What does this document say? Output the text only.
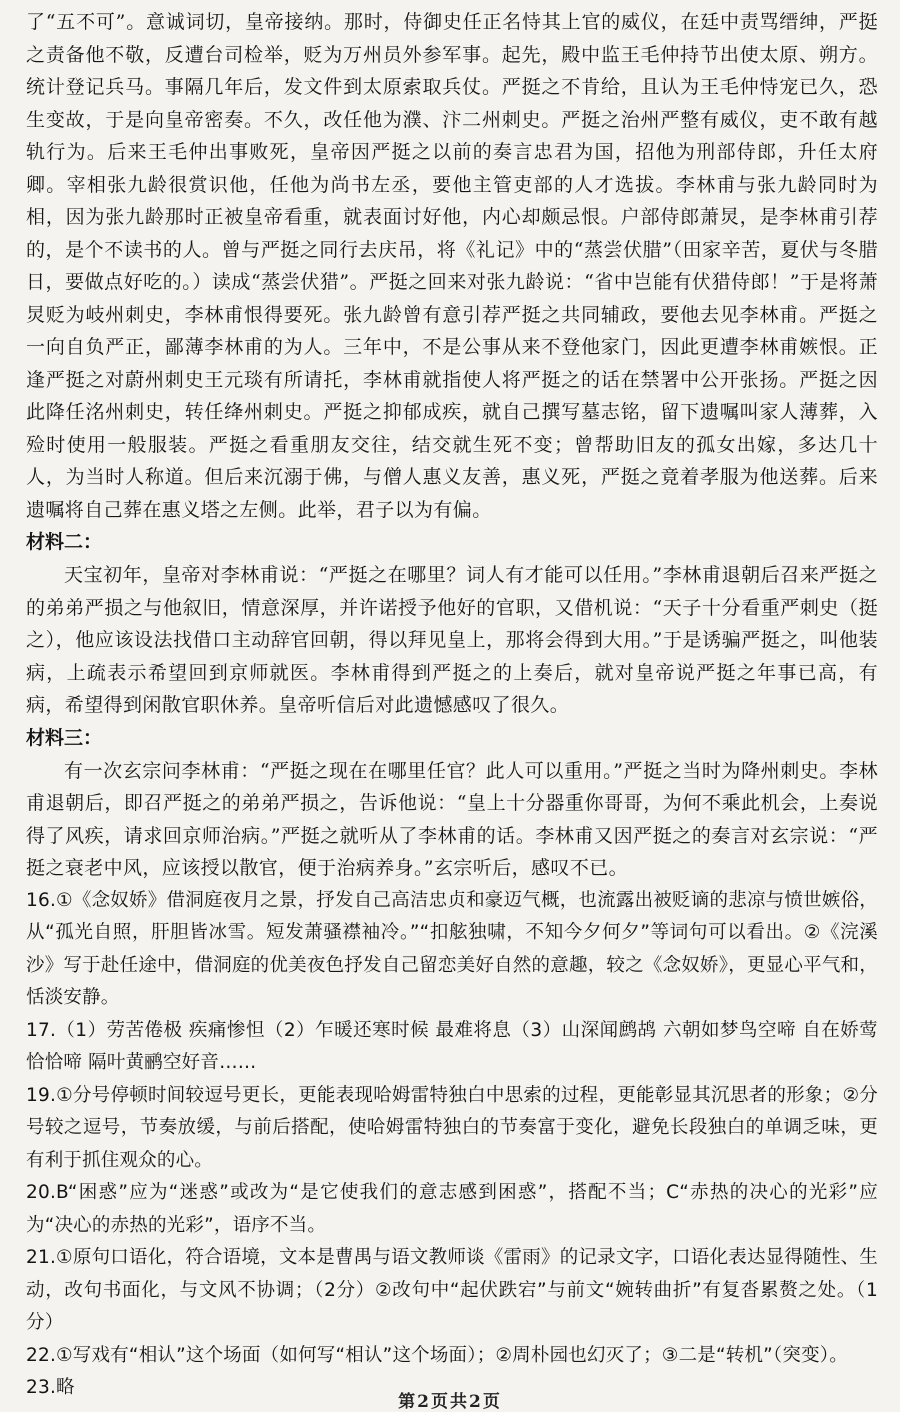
了“五不可”。意诚词切，皇帝接纳。那时，侍御史任正名恃其上官的威仪，在廷中责骂缙绅，严挺之责备他不敬，反遭台司检举，贬为万州员外参军事。起先，殿中监王毛仲持节出使太原、朔方。统计登记兵马。事隔几年后，发文件到太原索取兵仗。严挺之不肯给，且认为王毛仲恃宠已久，恐生变故，于是向皇帝密奏。不久，改任他为濮、汴二州刺史。严挺之治州严整有威仪，吏不敢有越轨行为。后来王毛仲出事败死，皇帝因严挺之以前的奏言忠君为国，招他为刑部侍郎，升任太府卿。宰相张九龄很赏识他，任他为尚书左丞，要他主管吏部的人才选拔。李林甫与张九龄同时为相，因为张九龄那时正被皇帝看重，就表面讨好他，内心却颇忌恨。户部侍郎萧炅，是李林甫引荐的，是个不读书的人。曾与严挺之同行去庆吊，将《礼记》中的“蒸尝伏腊”（田家辛苦，夏伏与冬腊日，要做点好吃的。）读成“蒸尝伏猎”。严挺之回来对张九龄说：“省中岂能有伏猎侍郎！”于是将萧炅贬为岐州刺史，李林甫恨得要死。张九龄曾有意引荐严挺之共同辅政，要他去见李林甫。严挺之一向自负严正，鄙薄李林甫的为人。三年中，不是公事从来不登他家门，因此更遭李林甫嫉恨。正逢严挺之对蔚州刺史王元琰有所请托，李林甫就指使人将严挺之的话在禁署中公开张扬。严挺之因此降任洺州刺史，转任绛州刺史。严挺之抑郁成疾，就自己撰写墓志铭，留下遗嘱叫家人薄葬，入殓时使用一般服装。严挺之看重朋友交往，结交就生死不变；曾帮助旧友的孤女出嫁，多达几十人，为当时人称道。但后来沉溺于佛，与僧人惠义友善，惠义死，严挺之竟着孝服为他送葬。后来遗嘱将自己葬在惠义塔之左侧。此举，君子以为有偏。

材料二：

天宝初年，皇帝对李林甫说：“严挺之在哪里？词人有才能可以任用。”李林甫退朝后召来严挺之的弟弟严损之与他叙旧，情意深厚，并许诺授予他好的官职，又借机说：“天子十分看重严刺史（挺之），他应该设法找借口主动辞官回朝，得以拜见皇上，那将会得到大用。”于是诱骗严挺之，叫他装病，上疏表示希望回到京师就医。李林甫得到严挺之的上奏后，就对皇帝说严挺之年事已高，有病，希望得到闲散官职休养。皇帝听信后对此遗憾感叹了很久。

材料三：

有一次玄宗问李林甫：“严挺之现在在哪里任官？此人可以重用。”严挺之当时为降州刺史。李林甫退朝后，即召严挺之的弟弟严损之，告诉他说：“皇上十分器重你哥哥，为何不乘此机会，上奏说得了风疾，请求回京师治病。”严挺之就听从了李林甫的话。李林甫又因严挺之的奏言对玄宗说：“严挺之衰老中风，应该授以散官，便于治病养身。”玄宗听后，感叹不已。

16.①《念奴娇》借洞庭夜月之景，抒发自己高洁忠贞和豪迈气概，也流露出被贬谪的悲凉与愤世嫉俗，从“孤光自照，肝胆皆冰雪。短发萧骚襟袖冷。”“扣舷独啸，不知今夕何夕”等词句可以看出。②《浣溪沙》写于赴任途中，借洞庭的优美夜色抒发自己留恋美好自然的意趣，较之《念奴娇》，更显心平气和，恬淡安静。

17.（1）劳苦倦极 疾痛惨怛（2）乍暖还寒时候 最难将息（3）山深闻鹧鸪 六朝如梦鸟空啼 自在娇莺恰恰啼 隔叶黄鹂空好音……

19.①分号停顿时间较逗号更长，更能表现哈姆雷特独白中思索的过程，更能彰显其沉思者的形象；②分号较之逗号，节奏放缓，与前后搭配，使哈姆雷特独白的节奏富于变化，避免长段独白的单调乏味，更有利于抓住观众的心。

20.B“困惑”应为“迷惑”或改为“是它使我们的意志感到困惑”，搭配不当；C“赤热的决心的光彩”应为“决心的赤热的光彩”，语序不当。

21.①原句口语化，符合语境，文本是曹禺与语文教师谈《雷雨》的记录文字，口语化表达显得随性、生动，改句书面化，与文风不协调；（2分）②改句中“起伏跌宕”与前文“婉转曲折”有复沓累赘之处。（1分）

22.①写戏有“相认”这个场面（如何写“相认”这个场面）；②周朴园也幻灭了；③二是“转机”（突变）。

23.略

第2页共2页
